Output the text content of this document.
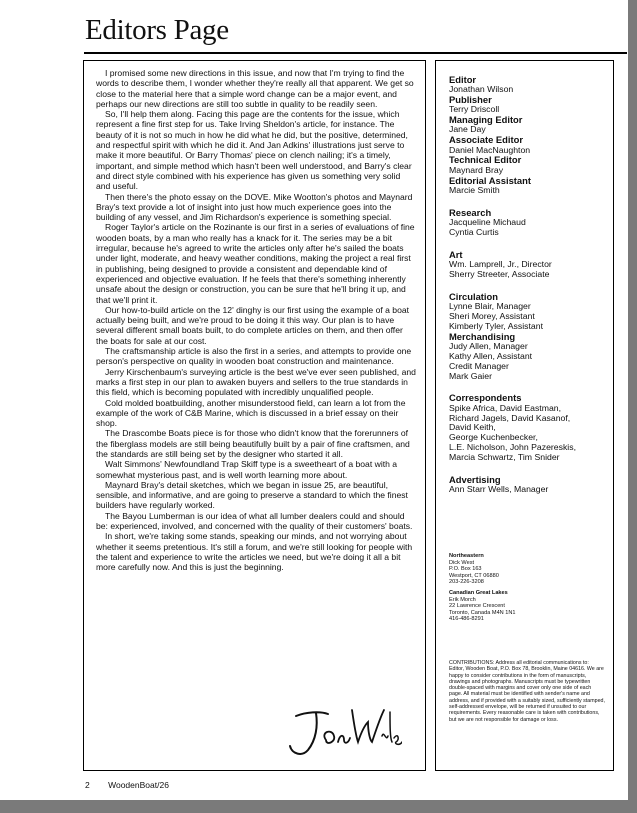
Editors Page

I promised some new directions in this issue, and now that I'm trying to find the words to describe them, I wonder whether they're really all that apparent. We get so close to the material here that a simple word change can be a major event, and perhaps our new directions are still too subtle in quality to be readily seen.

So, I'll help them along. Facing this page are the contents for the issue, which represent a fine first step for us. Take Irving Sheldon's article, for instance. The beauty of it is not so much in how he did what he did, but the positive, determined, and respectful spirit with which he did it. And Jan Adkins' illustrations just serve to make it more beautiful. Or Barry Thomas' piece on clench nailing; it's a timely, important, and simple method which hasn't been well understood, and Barry's clear and direct style combined with his experience has given us something very solid and useful.

Then there's the photo essay on the DOVE. Mike Wootton's photos and Maynard Bray's text provide a lot of insight into just how much experience goes into the building of any vessel, and Jim Richardson's experience is something special.

Roger Taylor's article on the Rozinante is our first in a series of evaluations of fine wooden boats, by a man who really has a knack for it. The series may be a bit irregular, because he's agreed to write the articles only after he's sailed the boats under light, moderate, and heavy weather conditions, making the project a real first in publishing, being designed to provide a consistent and dependable kind of experienced and objective evaluation. If he feels that there's something inherently unsafe about the design or construction, you can be sure that he'll bring it up, and that we'll print it.

Our how-to-build article on the 12' dinghy is our first using the example of a boat actually being built, and we're proud to be doing it this way. Our plan is to have several different small boats built, to do complete articles on them, and then offer the boats for sale at our cost.

The craftsmanship article is also the first in a series, and attempts to provide one person's perspective on quality in wooden boat construction and maintenance.

Jerry Kirschenbaum's surveying article is the best we've ever seen published, and marks a first step in our plan to awaken buyers and sellers to the true standards in this field, which is becoming populated with incredibly unqualified people.

Cold molded boatbuilding, another misunderstood field, can learn a lot from the example of the work of C&B Marine, which is discussed in a brief essay on their shop.

The Drascombe Boats piece is for those who didn't know that the forerunners of the fiberglass models are still being beautifully built by a pair of fine craftsmen, and the standards are still being set by the designer who started it all.

Walt Simmons' Newfoundland Trap Skiff type is a sweetheart of a boat with a somewhat mysterious past, and is well worth learning more about.

Maynard Bray's detail sketches, which we began in issue 25, are beautiful, sensible, and informative, and are going to preserve a standard to which the finest builders have regularly worked.

The Bayou Lumberman is our idea of what all lumber dealers could and should be: experienced, involved, and concerned with the quality of their customers' boats.

In short, we're taking some stands, speaking our minds, and not worrying about whether it seems pretentious. It's still a forum, and we're still looking for people with the talent and experience to write the articles we need, but we're doing it all a bit more carefully now. And this is just the beginning.

Editor
Jonathan Wilson
Publisher
Terry Driscoll
Managing Editor
Jane Day
Associate Editor
Daniel MacNaughton
Technical Editor
Maynard Bray
Editorial Assistant
Marcie Smith
Research
Jacqueline Michaud
Cyntia Curtis
Art
Wm. Lamprell, Jr., Director
Sherry Streeter, Associate
Circulation
Lynne Blair, Manager
Sheri Morey, Assistant
Kimberly Tyler, Assistant
Merchandising
Judy Allen, Manager
Kathy Allen, Assistant
Credit Manager
Mark Gaier
Correspondents
Spike Africa, David Eastman,
Richard Jagels, David Kasanof,
David Keith,
George Kuchenbecker,
L.E. Nicholson, John Pazereskis,
Marcia Schwartz, Tim Snider
Advertising
Ann Starr Wells, Manager
Northeastern
Dick West
P.O. Box 163
Westport, CT 06880
203-226-3208
Canadian Great Lakes
Erik Morch
22 Lawrence Crescent
Toronto, Canada M4N 1N1
416-486-8291
CONTRIBUTIONS: Address all editorial communications to: Editor, Wooden Boat, P.O. Box 78, Brooklin, Maine 04616. We are happy to consider contributions in the form of manuscripts, drawings and photographs. Manuscripts must be typewritten double-spaced with margins and cover only one side of each page. All material must be identified with sender's name and address, and if provided with a suitably sized, sufficiently stamped, self-addressed envelope, will be returned if unsuited to our requirements. Every reasonable care is taken with contributions, but we are not responsible for damage or loss.
2 WoodenBoat/26
